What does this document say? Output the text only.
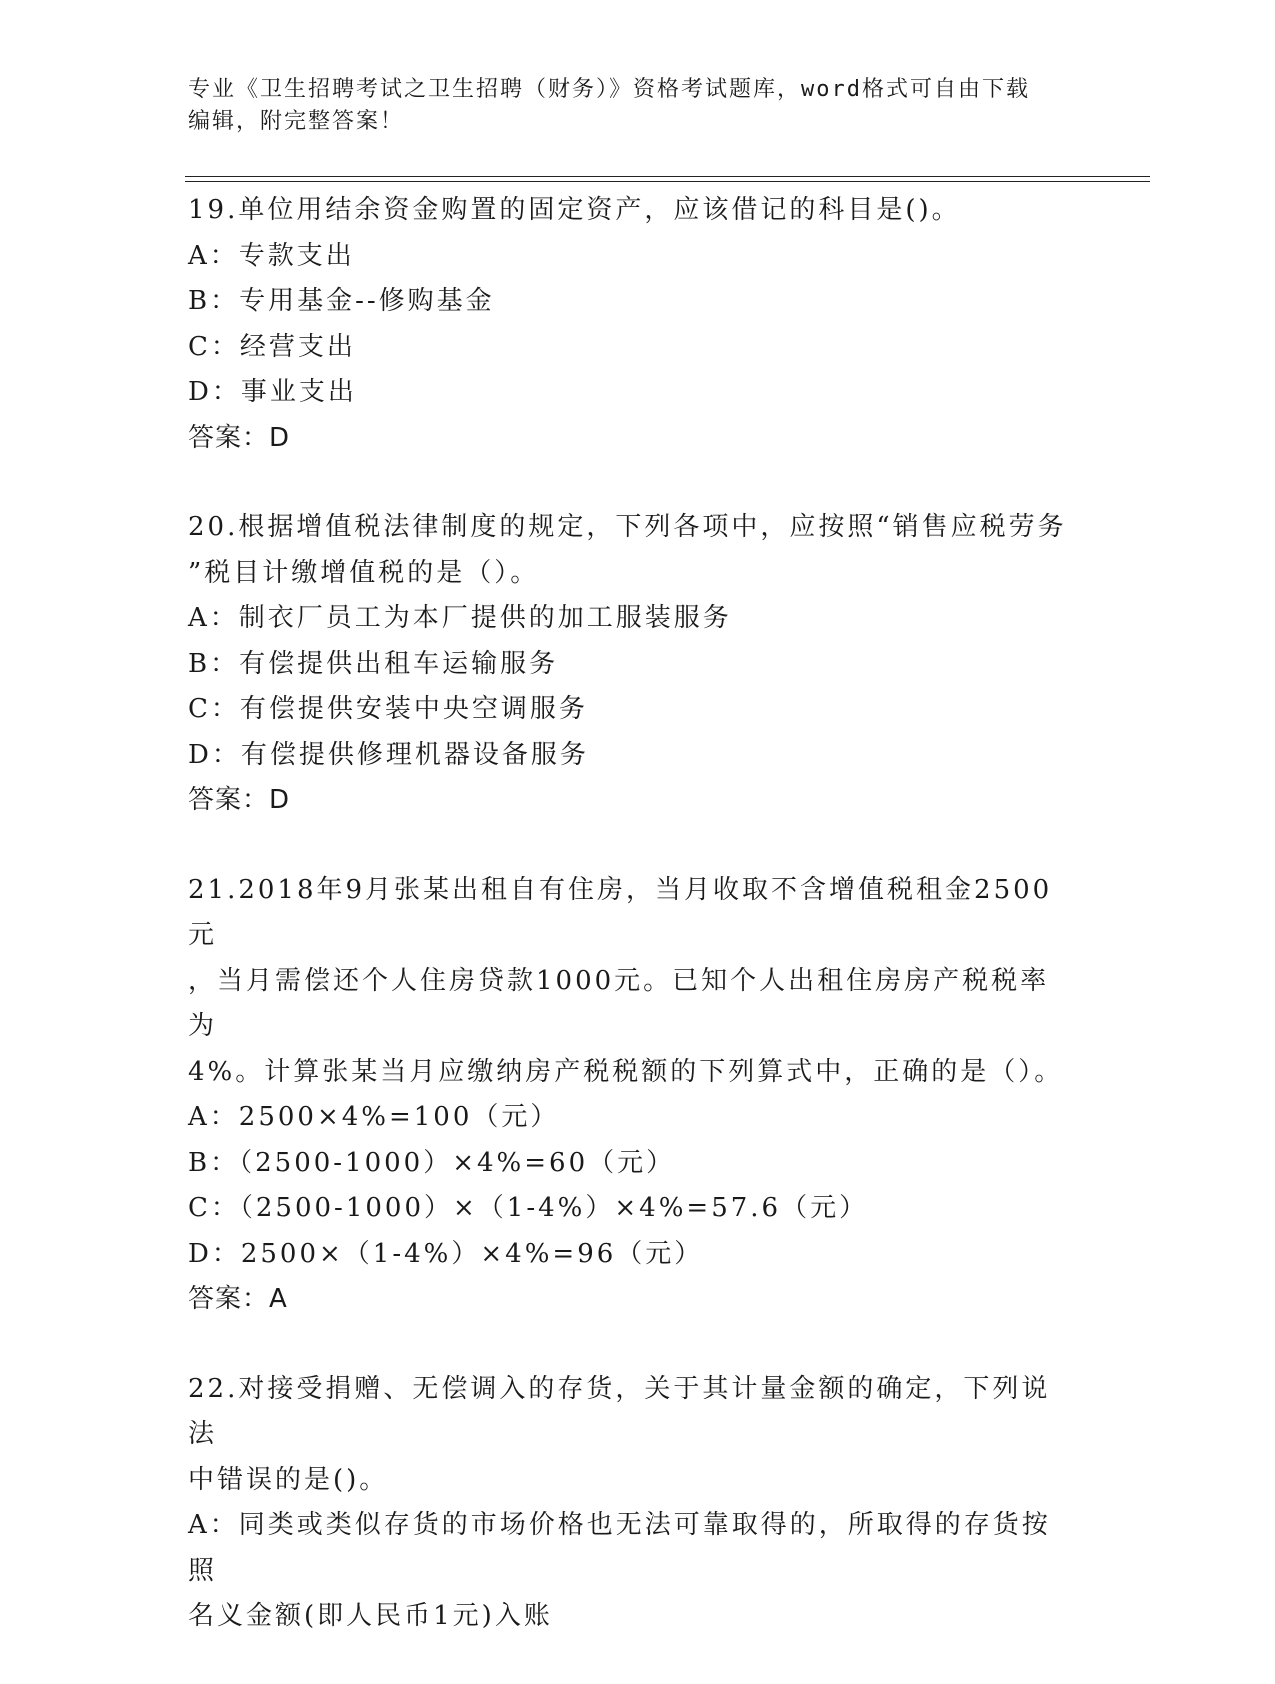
专业《卫生招聘考试之卫生招聘（财务）》资格考试题库，word格式可自由下载
编辑，附完整答案！
19.单位用结余资金购置的固定资产，应该借记的科目是()。
A：专款支出
B：专用基金--修购基金
C：经营支出
D：事业支出
答案：D
20.根据增值税法律制度的规定，下列各项中，应按照“销售应税劳务
”税目计缴增值税的是（）。
A：制衣厂员工为本厂提供的加工服装服务
B：有偿提供出租车运输服务
C：有偿提供安装中央空调服务
D：有偿提供修理机器设备服务
答案：D
21.2018年9月张某出租自有住房，当月收取不含增值税租金2500元
，当月需偿还个人住房贷款1000元。已知个人出租住房房产税税率为
4%。计算张某当月应缴纳房产税税额的下列算式中，正确的是（）。
A：2500×4%=100（元）
B：（2500-1000）×4%=60（元）
C：（2500-1000）×（1-4%）×4%=57.6（元）
D：2500×（1-4%）×4%=96（元）
答案：A
22.对接受捐赠、无偿调入的存货，关于其计量金额的确定，下列说法
中错误的是()。
A：同类或类似存货的市场价格也无法可靠取得的，所取得的存货按照
名义金额(即人民币1元)入账
